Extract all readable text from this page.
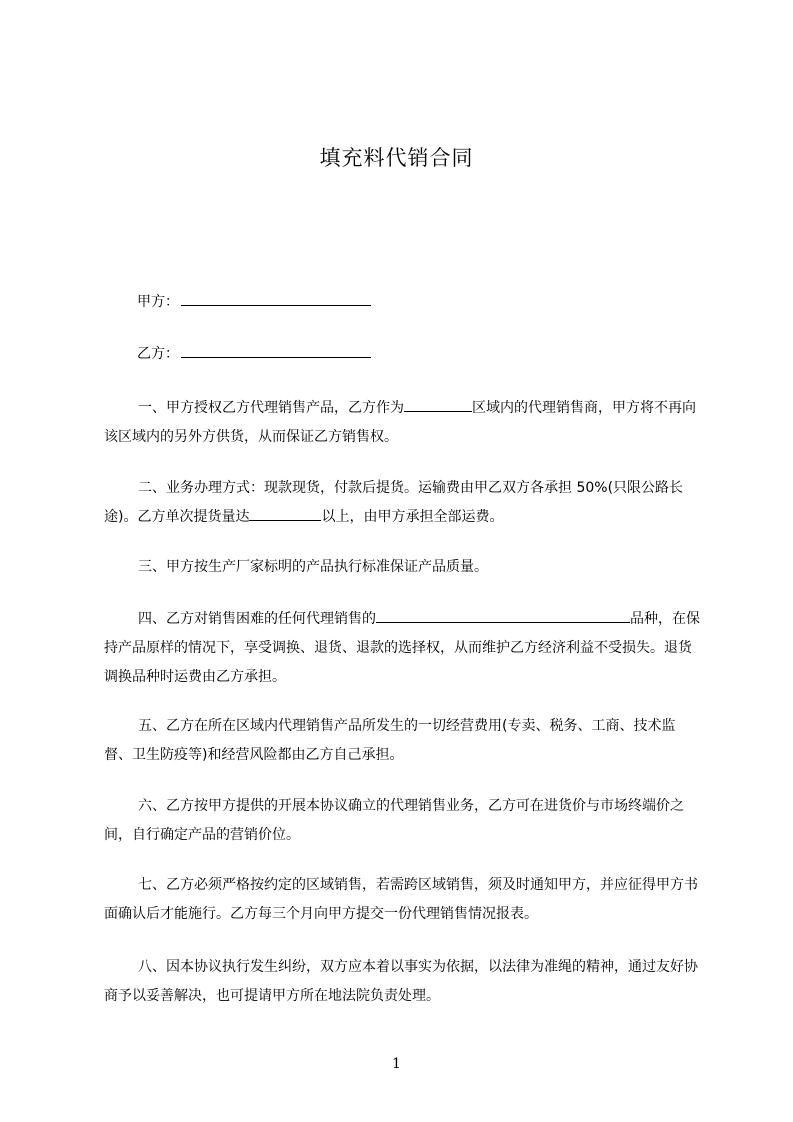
填充料代销合同
甲方：
乙方：

一、甲方授权乙方代理销售产品，乙方作为	区域内的代理销售商，甲方将不再向该区域内的另外方供货，从而保证乙方销售权。

二、业务办理方式：现款现货，付款后提货。运输费由甲乙双方各承担 50%(只限公路长途)。乙方单次提货量达	以上，由甲方承担全部运费。

三、甲方按生产厂家标明的产品执行标准保证产品质量。

四、乙方对销售困难的任何代理销售的	品种，在保持产品原样的情况下，享受调换、退货、退款的选择权，从而维护乙方经济利益不受损失。退货调换品种时运费由乙方承担。

五、乙方在所在区域内代理销售产品所发生的一切经营费用(专卖、税务、工商、技术监督、卫生防疫等)和经营风险都由乙方自己承担。

六、乙方按甲方提供的开展本协议确立的代理销售业务，乙方可在进货价与市场终端价之间，自行确定产品的营销价位。

七、乙方必须严格按约定的区域销售，若需跨区域销售，须及时通知甲方，并应征得甲方书面确认后才能施行。乙方每三个月向甲方提交一份代理销售情况报表。

八、因本协议执行发生纠纷，双方应本着以事实为依据，以法律为准绳的精神，通过友好协商予以妥善解决，也可提请甲方所在地法院负责处理。

1
